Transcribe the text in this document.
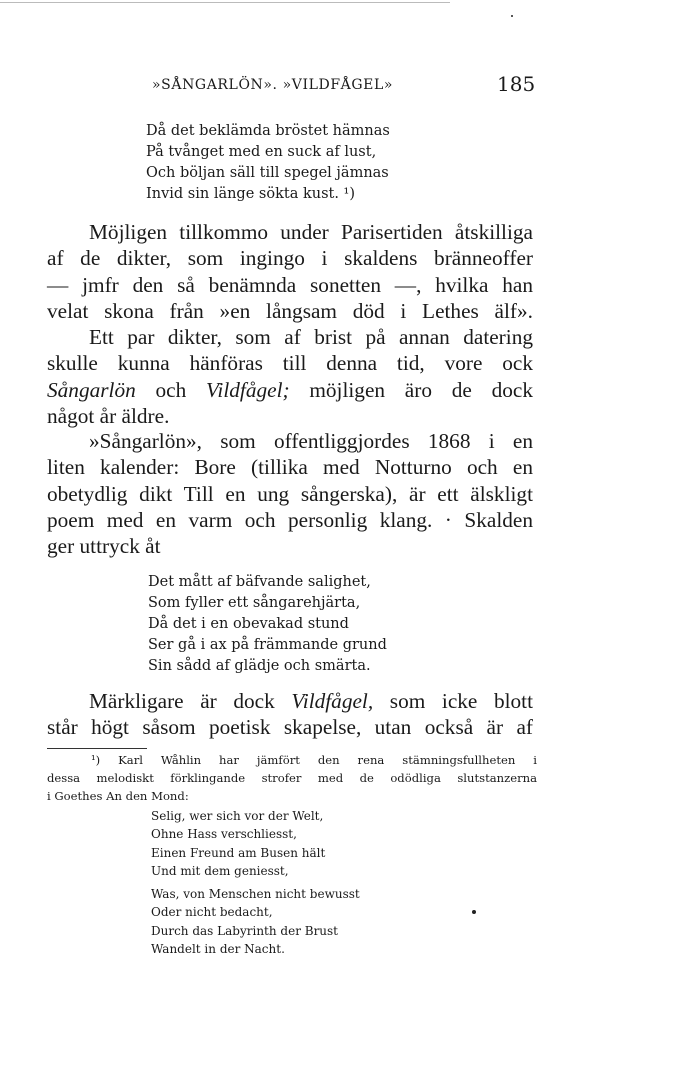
»SÅNGARLÖN». »VILDFÅGEL»	185
Då det beklämda bröstet hämnas
På tvånget med en suck af lust,
Och böljan säll till spegel jämnas
Invid sin länge sökta kust. ¹)
Möjligen tillkommo under Parisertiden åtskilliga
af de dikter, som ingingo i skaldens bränneoffer
— jmfr den så benämnda sonetten —, hvilka han
velat skona från »en långsam död i Lethes älf».
Ett par dikter, som af brist på annan datering
skulle kunna hänföras till denna tid, vore ock
Sångarlön och Vildfågel; möjligen äro de dock
något år äldre.
»Sångarlön», som offentliggjordes 1868 i en
liten kalender: Bore (tillika med Notturno och en
obetydlig dikt Till en ung sångerska), är ett älskligt
poem med en varm och personlig klang. · Skalden
ger uttryck åt
Det mått af bäfvande salighet,
Som fyller ett sångarehjärta,
Då det i en obevakad stund
Ser gå i ax på främmande grund
Sin sådd af glädje och smärta.
Märkligare är dock Vildfågel, som icke blott
står högt såsom poetisk skapelse, utan också är af
¹) Karl Wåhlin har jämfört den rena stämningsfullheten i
dessa melodiskt förklingande strofer med de odödliga slutstanzerna
i Goethes An den Mond:
Selig, wer sich vor der Welt,
Ohne Hass verschliesst,
Einen Freund am Busen hält
Und mit dem geniesst,
Was, von Menschen nicht bewusst
Oder nicht bedacht,
Durch das Labyrinth der Brust
Wandelt in der Nacht.
